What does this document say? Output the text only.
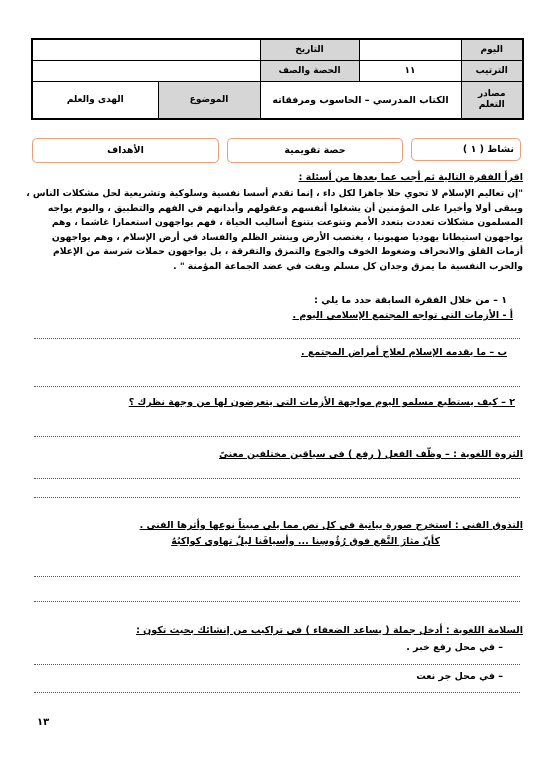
اليوم		التاريخ		
الترتيب	١١	الحصة والصف		
مصادر التعلم	الكتاب المدرسي – الحاسوب ومرفقاته		الموضوع	الهدى والعلم
نشاط ( ١ )
حصة تقويمية
الأهداف
اقرأ الفقرة التالية ثم أجب عما بعدها من أسئلة :
"إن تعاليم الإسلام لا تحوي حلا جاهزا لكل داء ، إنما تقدم أسسا نفسية وسلوكية وتشريعية لحل مشكلات الناس ،
ويبقى أولا وأخيرا على المؤمنين أن يشغلوا أنفسهم وعقولهم وأبدانهم في الفهم والتطبيق ، واليوم يواجه
المسلمون مشكلات تعددت بتعدد الأمم وتنوعت بتنوع أساليب الحياة ، فهم يواجهون استعمارا غاشما ، وهم
يواجهون استيطانا يهوديا صهيونيا ، يغتصب الأرض وينشر الظلم والفساد في أرض الإسلام ، وهم يواجهون
أزمات القلق والانحراف وضغوط الخوف والجوع والتمزق والتفرقة ، بل يواجهون حملات شرسة من الإعلام
والحرب النفسية ما يمزق وجدان كل مسلم ويفت في عضد الجماعة المؤمنة " .
١ – من خلال الفقرة السابقة حدد ما يلي :
أ - الأزمات التي تواجه المجتمع الإسلامي اليوم .
ب – ما يقدمه الإسلام لعلاج أمراض المجتمع .
٢ – كيف يستطيع مسلمو اليوم مواجهة الأزمات التي يتعرضون لها من وجهة نظرك ؟
الثروة اللغوية : – وظّف الفعل ( رفع ) في سياقين مختلفين معنىً
التذوق الفني : استخرج صورة بيانية في كل نص مما يلي مبيناً نوعها وأثرها الفني .
كأنّ مثارَ النَّقع فوق رُؤُوسِنا ... وأسيافَنا ليلٌ تهاوى كواكبُهُ
السلامة اللغوية : أدخل جملة ( يساعد الضعفاء ) في تراكيب من إنشائك بحيث تكون :
– في محل رفع خبر .
– في محل جر نعت
١٣
